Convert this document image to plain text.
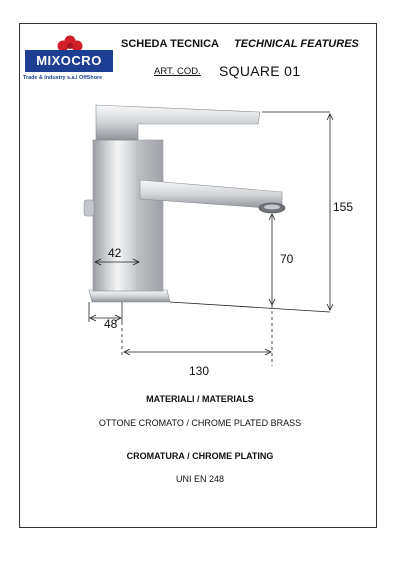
MIXOCRO
Trade & Industry s.a.l OffShore
SCHEDA TECNICA TECHNICAL FEATURES
ART. COD. SQUARE 01
42
48
70
155
130
MATERIALI / MATERIALS
OTTONE CROMATO / CHROME PLATED BRASS
CROMATURA / CHROME PLATING
UNI EN 248
